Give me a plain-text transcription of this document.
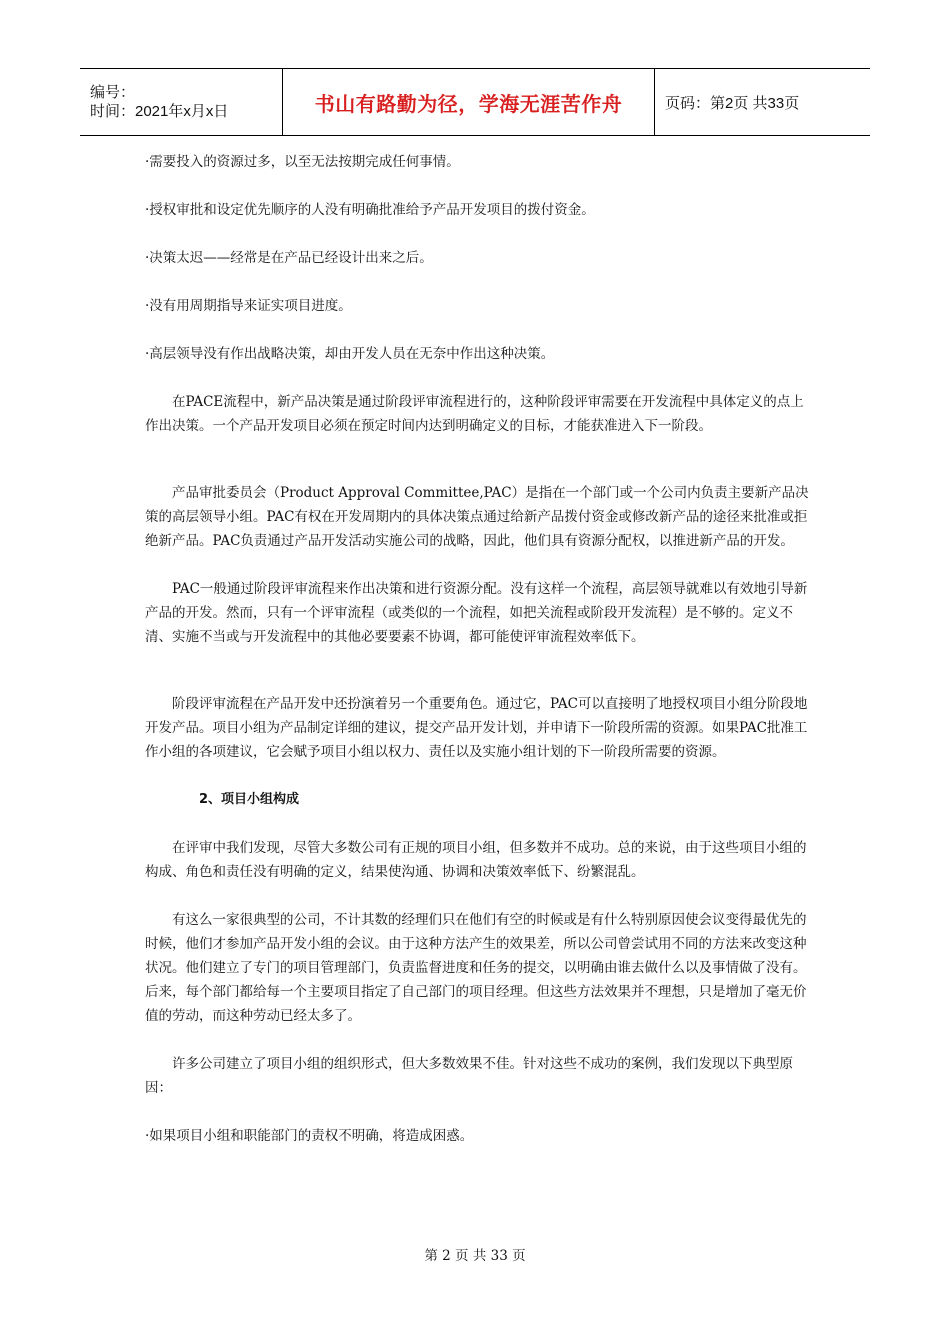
编号：
时间：2021年x月x日	书山有路勤为径，学海无涯苦作舟	页码：第2页 共33页

·需要投入的资源过多，以至无法按期完成任何事情。

·授权审批和设定优先顺序的人没有明确批准给予产品开发项目的拨付资金。

·决策太迟——经常是在产品已经设计出来之后。

·没有用周期指导来证实项目进度。

·高层领导没有作出战略决策，却由开发人员在无奈中作出这种决策。

在PACE流程中，新产品决策是通过阶段评审流程进行的，这种阶段评审需要在开发流程中具体定义的点上作出决策。一个产品开发项目必须在预定时间内达到明确定义的目标，才能获准进入下一阶段。

产品审批委员会（Product Approval Committee,PAC）是指在一个部门或一个公司内负责主要新产品决策的高层领导小组。PAC有权在开发周期内的具体决策点通过给新产品拨付资金或修改新产品的途径来批准或拒绝新产品。PAC负责通过产品开发活动实施公司的战略，因此，他们具有资源分配权，以推进新产品的开发。

PAC一般通过阶段评审流程来作出决策和进行资源分配。没有这样一个流程，高层领导就难以有效地引导新产品的开发。然而，只有一个评审流程（或类似的一个流程，如把关流程或阶段开发流程）是不够的。定义不清、实施不当或与开发流程中的其他必要要素不协调，都可能使评审流程效率低下。

阶段评审流程在产品开发中还扮演着另一个重要角色。通过它，PAC可以直接明了地授权项目小组分阶段地开发产品。项目小组为产品制定详细的建议，提交产品开发计划，并申请下一阶段所需的资源。如果PAC批准工作小组的各项建议，它会赋予项目小组以权力、责任以及实施小组计划的下一阶段所需要的资源。

2、项目小组构成

在评审中我们发现，尽管大多数公司有正规的项目小组，但多数并不成功。总的来说，由于这些项目小组的构成、角色和责任没有明确的定义，结果使沟通、协调和决策效率低下、纷繁混乱。

有这么一家很典型的公司，不计其数的经理们只在他们有空的时候或是有什么特别原因使会议变得最优先的时候，他们才参加产品开发小组的会议。由于这种方法产生的效果差，所以公司曾尝试用不同的方法来改变这种状况。他们建立了专门的项目管理部门，负责监督进度和任务的提交，以明确由谁去做什么以及事情做了没有。后来，每个部门都给每一个主要项目指定了自己部门的项目经理。但这些方法效果并不理想，只是增加了毫无价值的劳动，而这种劳动已经太多了。

许多公司建立了项目小组的组织形式，但大多数效果不佳。针对这些不成功的案例，我们发现以下典型原因：

·如果项目小组和职能部门的责权不明确，将造成困惑。

第 2 页 共 33 页
